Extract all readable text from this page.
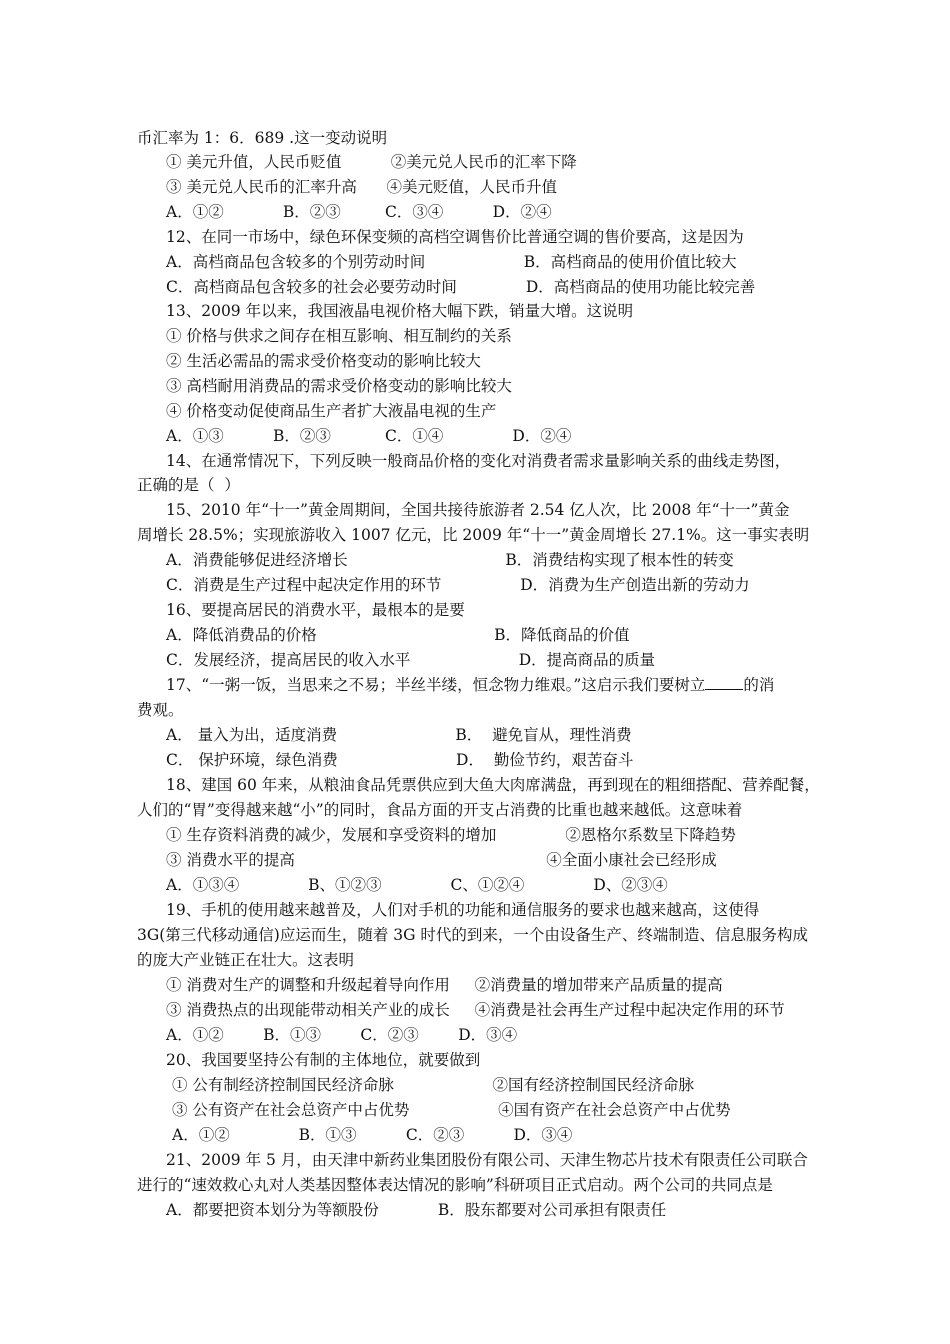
币汇率为 1：6．689 .这一变动说明
① 美元升值，人民币贬值          ②美元兑人民币的汇率下降
③ 美元兑人民币的汇率升高      ④美元贬值，人民币升值
A．①②            B．②③         C．③④          D．②④
12、在同一市场中，绿色环保变频的高档空调售价比普通空调的售价要高，这是因为
A．高档商品包含较多的个别劳动时间                    B．高档商品的使用价值比较大
C．高档商品包含较多的社会必要劳动时间              D．高档商品的使用功能比较完善
13、2009 年以来，我国液晶电视价格大幅下跌，销量大增。这说明
① 价格与供求之间存在相互影响、相互制约的关系
② 生活必需品的需求受价格变动的影响比较大
③ 高档耐用消费品的需求受价格变动的影响比较大
④ 价格变动促使商品生产者扩大液晶电视的生产
A．①③          B．②③           C．①④              D．②④
14、在通常情况下，下列反映一般商品价格的变化对消费者需求量影响关系的曲线走势图，
正确的是（  ）
15、2010 年“十一”黄金周期间，全国共接待旅游者 2.54 亿人次，比 2008 年“十一”黄金
周增长 28.5%；实现旅游收入 1007 亿元，比 2009 年“十一”黄金周增长 27.1%。这一事实表明
A．消费能够促进经济增长                                B．消费结构实现了根本性的转变
C．消费是生产过程中起决定作用的环节                D．消费为生产创造出新的劳动力
16、要提高居民的消费水平，最根本的是要
A．降低消费品的价格                                    B．降低商品的价值
C．发展经济，提高居民的收入水平                      D．提高商品的质量
17、“一粥一饭，当思来之不易；半丝半缕，恒念物力维艰。”这启示我们要树立 的消
费观。
A． 量入为出，适度消费                        B．  避免盲从，理性消费
C． 保护环境，绿色消费                        D．  勤俭节约，艰苦奋斗
18、建国 60 年来，从粮油食品凭票供应到大鱼大肉席满盘，再到现在的粗细搭配、营养配餐，
人们的“胃”变得越来越“小”的同时，食品方面的开支占消费的比重也越来越低。这意味着
① 生存资料消费的减少，发展和享受资料的增加              ②恩格尔系数呈下降趋势
③ 消费水平的提高                                                   ④全面小康社会已经形成
A．①③④              B、①②③              C、①②④              D、②③④
19、手机的使用越来越普及，人们对手机的功能和通信服务的要求也越来越高，这使得
3G(第三代移动通信)应运而生，随着 3G 时代的到来，一个由设备生产、终端制造、信息服务构成
的庞大产业链正在壮大。这表明
① 消费对生产的调整和升级起着导向作用     ②消费量的增加带来产品质量的提高
③ 消费热点的出现能带动相关产业的成长     ④消费是社会再生产过程中起决定作用的环节
A．①②        B．①③        C．②③        D．③④
20、我国要坚持公有制的主体地位，就要做到
① 公有制经济控制国民经济命脉                    ②国有经济控制国民经济命脉
③ 公有资产在社会总资产中占优势                  ④国有资产在社会总资产中占优势
A．①②              B．①③          C．②③          D．③④
21、2009 年 5 月，由天津中新药业集团股份有限公司、天津生物芯片技术有限责任公司联合
进行的“速效救心丸对人类基因整体表达情况的影响”科研项目正式启动。两个公司的共同点是
A．都要把资本划分为等额股份            B．股东都要对公司承担有限责任
